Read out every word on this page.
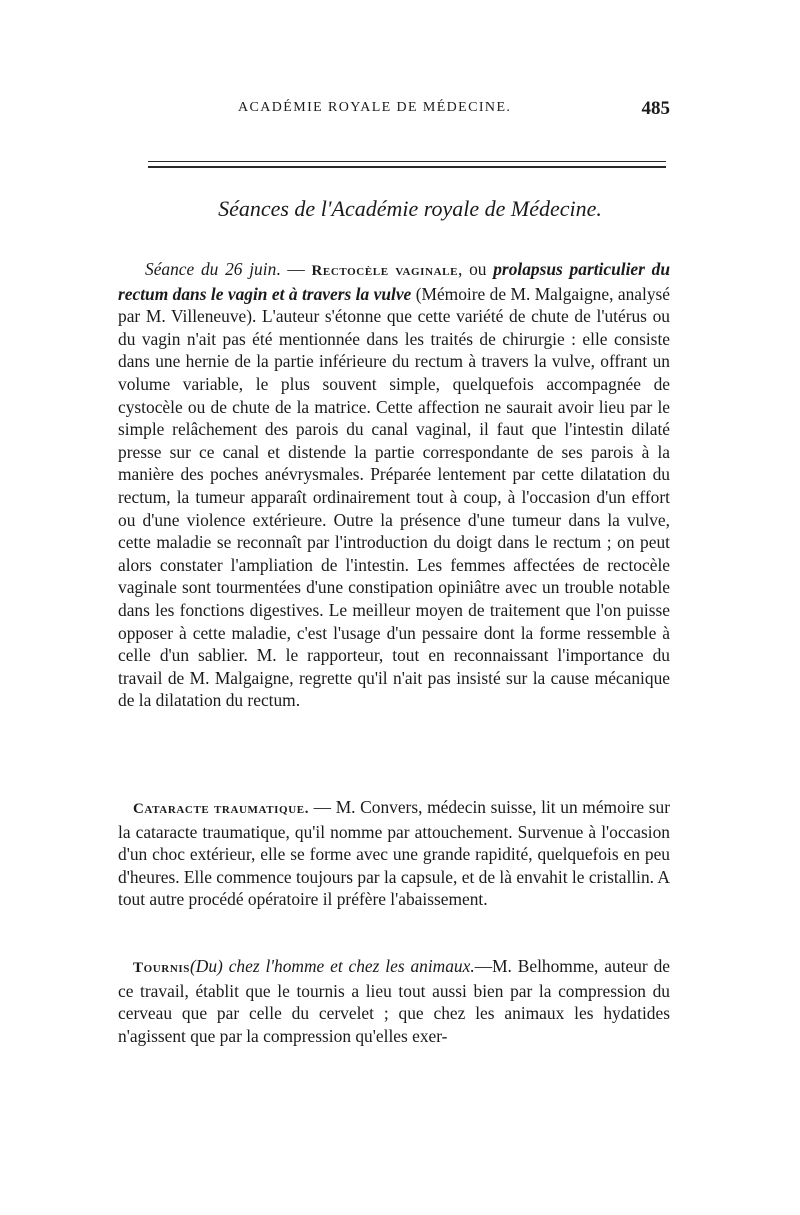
ACADÉMIE ROYALE DE MÉDECINE.	485
Séances de l'Académie royale de Médecine.
Séance du 26 juin. — Rectocèle vaginale, ou prolapsus particulier du rectum dans le vagin et à travers la vulve (Mémoire de M. Malgaigne, analysé par M. Villeneuve). L'auteur s'étonne que cette variété de chute de l'utérus ou du vagin n'ait pas été mentionnée dans les traités de chirurgie : elle consiste dans une hernie de la partie inférieure du rectum à travers la vulve, offrant un volume variable, le plus souvent simple, quelquefois accompagnée de cystocèle ou de chute de la matrice. Cette affection ne saurait avoir lieu par le simple relâchement des parois du canal vaginal, il faut que l'intestin dilaté presse sur ce canal et distende la partie correspondante de ses parois à la manière des poches anévrysmales. Préparée lentement par cette dilatation du rectum, la tumeur apparaît ordinairement tout à coup, à l'occasion d'un effort ou d'une violence extérieure. Outre la présence d'une tumeur dans la vulve, cette maladie se reconnaît par l'introduction du doigt dans le rectum ; on peut alors constater l'ampliation de l'intestin. Les femmes affectées de rectocèle vaginale sont tourmentées d'une constipation opiniâtre avec un trouble notable dans les fonctions digestives. Le meilleur moyen de traitement que l'on puisse opposer à cette maladie, c'est l'usage d'un pessaire dont la forme ressemble à celle d'un sablier. M. le rapporteur, tout en reconnaissant l'importance du travail de M. Malgaigne, regrette qu'il n'ait pas insisté sur la cause mécanique de la dilatation du rectum.
Cataracte traumatique. — M. Convers, médecin suisse, lit un mémoire sur la cataracte traumatique, qu'il nomme par attouchement. Survenue à l'occasion d'un choc extérieur, elle se forme avec une grande rapidité, quelquefois en peu d'heures. Elle commence toujours par la capsule, et de là envahit le cristallin. A tout autre procédé opératoire il préfère l'abaissement.
Tournis(Du) chez l'homme et chez les animaux.—M. Belhomme, auteur de ce travail, établit que le tournis a lieu tout aussi bien par la compression du cerveau que par celle du cervelet ; que chez les animaux les hydatides n'agissent que par la compression qu'elles exer-
